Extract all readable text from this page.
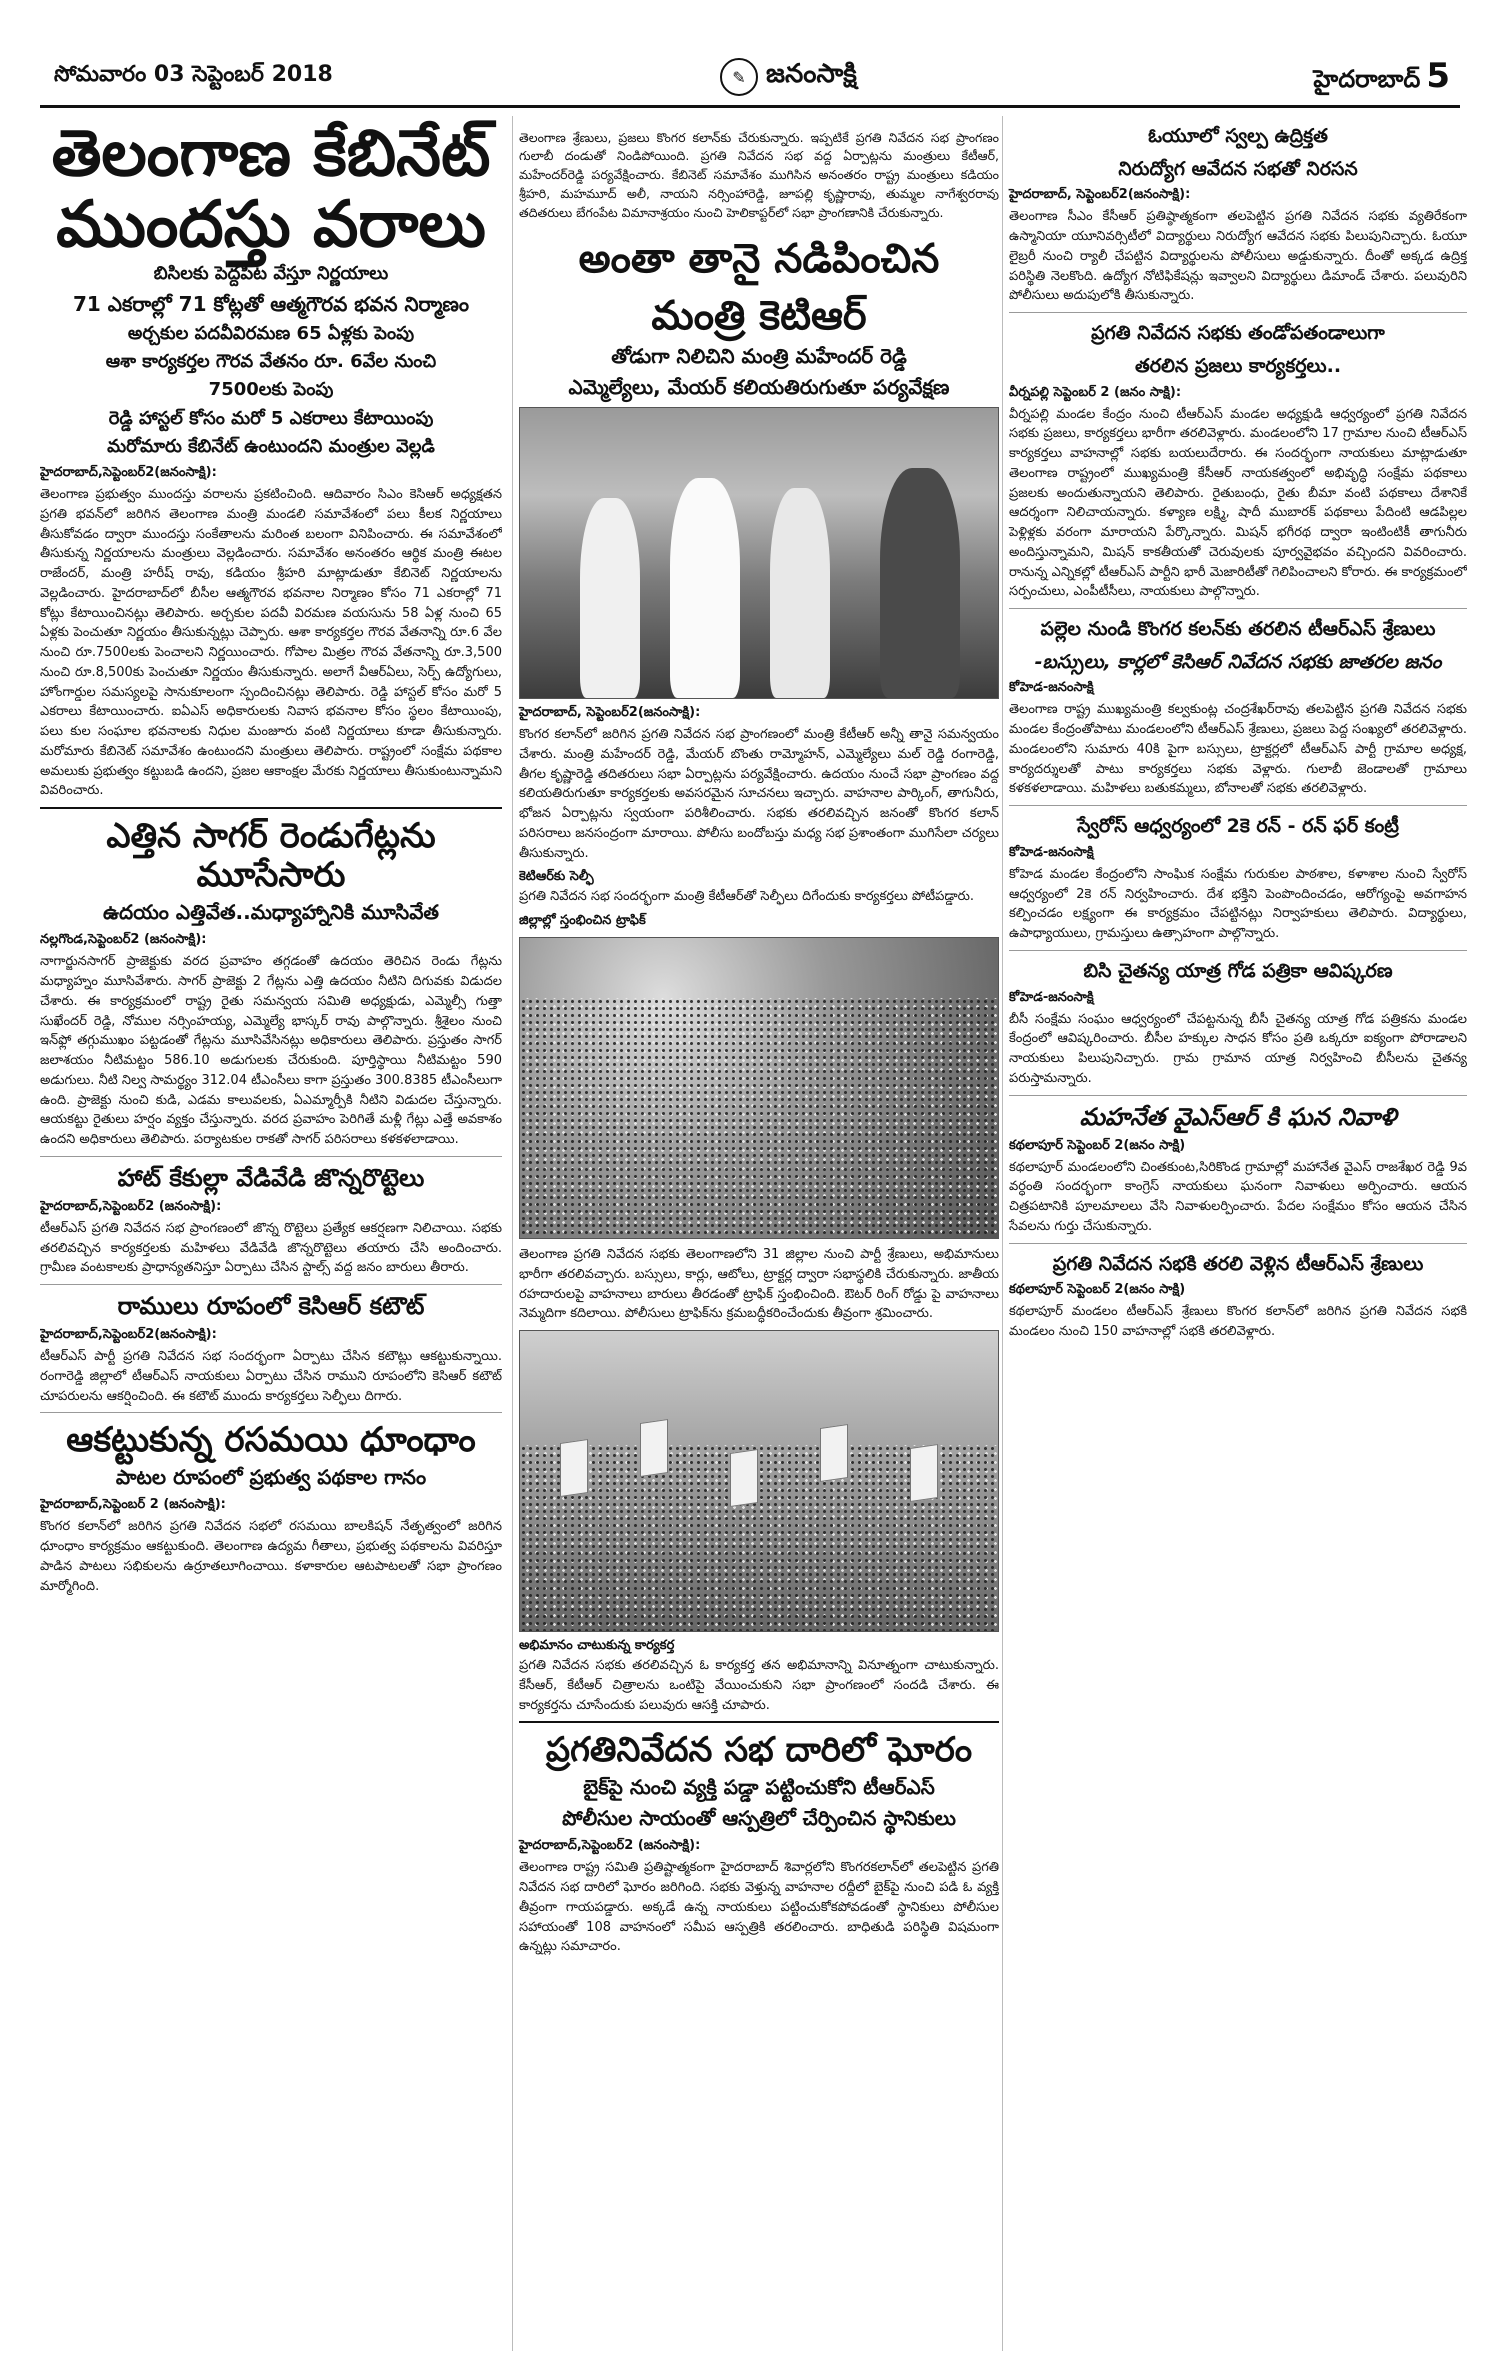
సోమవారం 03 సెప్టెంబర్ 2018	✎ జనంసాక్షి	హైదరాబాద్ 5
తెలంగాణ కేబినేట్
ముందస్తు వరాలు
బిసిలకు పెద్దపీట వేస్తూ నిర్ణయాలు
71 ఎకరాల్లో 71 కోట్లతో ఆత్మగౌరవ భవన నిర్మాణం
అర్చకుల పదవీవిరమణ 65 ఏళ్లకు పెంపు
ఆశా కార్యకర్తల గౌరవ వేతనం రూ. 6వేల నుంచి
7500లకు పెంపు
రెడ్డి హాస్టల్ కోసం మరో 5 ఎకరాలు కేటాయింపు
మరోమారు కేబినేట్ ఉంటుందని మంత్రుల వెల్లడి
హైదరాబాద్,సెప్టెంబర్2(జనంసాక్షి):

తెలంగాణ ప్రభుత్వం ముందస్తు వరాలను ప్రకటించింది. ఆదివారం సిఎం కెసిఆర్ అధ్యక్షతన ప్రగతి భవన్‌లో జరిగిన తెలంగాణ మంత్రి మండలి సమావేశంలో పలు కీలక నిర్ణయాలు తీసుకోవడం ద్వారా ముందస్తు సంకేతాలను మరింత బలంగా వినిపించారు. ఈ సమావేశంలో తీసుకున్న నిర్ణయాలను మంత్రులు వెల్లడించారు. సమావేశం అనంతరం ఆర్థిక మంత్రి ఈటల రాజేందర్, మంత్రి హరీష్ రావు, కడియం శ్రీహరి మాట్లాడుతూ కేబినెట్ నిర్ణయాలను వెల్లడించారు. హైదరాబాద్‌లో బీసీల ఆత్మగౌరవ భవనాల నిర్మాణం కోసం 71 ఎకరాల్లో 71 కోట్లు కేటాయించినట్లు తెలిపారు. అర్చకుల పదవీ విరమణ వయసును 58 ఏళ్ల నుంచి 65 ఏళ్లకు పెంచుతూ నిర్ణయం తీసుకున్నట్లు చెప్పారు. ఆశా కార్యకర్తల గౌరవ వేతనాన్ని రూ.6 వేల నుంచి రూ.7500లకు పెంచాలని నిర్ణయించారు. గోపాల మిత్రల గౌరవ వేతనాన్ని రూ.3,500 నుంచి రూ.8,500కు పెంచుతూ నిర్ణయం తీసుకున్నారు. అలాగే వీఆర్‌ఏలు, సెర్ప్ ఉద్యోగులు, హోంగార్డుల సమస్యలపై సానుకూలంగా స్పందించినట్లు తెలిపారు. రెడ్డి హాస్టల్ కోసం మరో 5 ఎకరాలు కేటాయించారు. ఐఏఎస్ అధికారులకు నివాస భవనాల కోసం స్థలం కేటాయింపు, పలు కుల సంఘాల భవనాలకు నిధుల మంజూరు వంటి నిర్ణయాలు కూడా తీసుకున్నారు. మరోమారు కేబినెట్ సమావేశం ఉంటుందని మంత్రులు తెలిపారు. రాష్ట్రంలో సంక్షేమ పథకాల అమలుకు ప్రభుత్వం కట్టుబడి ఉందని, ప్రజల ఆకాంక్షల మేరకు నిర్ణయాలు తీసుకుంటున్నామని వివరించారు.

ఎత్తిన సాగర్ రెండుగేట్లను మూసేసారు
ఉదయం ఎత్తివేత..మధ్యాహ్నానికి మూసివేత
నల్లగొండ,సెప్టెంబర్2 (జనంసాక్షి):

నాగార్జునసాగర్ ప్రాజెక్టుకు వరద ప్రవాహం తగ్గడంతో ఉదయం తెరిచిన రెండు గేట్లను మధ్యాహ్నం మూసివేశారు. సాగర్ ప్రాజెక్టు 2 గేట్లను ఎత్తి ఉదయం నీటిని దిగువకు విడుదల చేశారు. ఈ కార్యక్రమంలో రాష్ట్ర రైతు సమన్వయ సమితి అధ్యక్షుడు, ఎమ్మెల్సీ గుత్తా సుఖేందర్ రెడ్డి, నోముల నర్సింహయ్య, ఎమ్మెల్యే భాస్కర్ రావు పాల్గొన్నారు. శ్రీశైలం నుంచి ఇన్‌ఫ్లో తగ్గుముఖం పట్టడంతో గేట్లను మూసివేసినట్లు అధికారులు తెలిపారు. ప్రస్తుతం సాగర్ జలాశయం నీటిమట్టం 586.10 అడుగులకు చేరుకుంది. పూర్తిస్థాయి నీటిమట్టం 590 అడుగులు. నీటి నిల్వ సామర్థ్యం 312.04 టీఎంసీలు కాగా ప్రస్తుతం 300.8385 టీఎంసీలుగా ఉంది. ప్రాజెక్టు నుంచి కుడి, ఎడమ కాలువలకు, ఏఎమ్మార్పీకి నీటిని విడుదల చేస్తున్నారు. ఆయకట్టు రైతులు హర్షం వ్యక్తం చేస్తున్నారు. వరద ప్రవాహం పెరిగితే మళ్లీ గేట్లు ఎత్తే అవకాశం ఉందని అధికారులు తెలిపారు. పర్యాటకుల రాకతో సాగర్ పరిసరాలు కళకళలాడాయి.

హాట్ కేకుల్లా వేడివేడి జొన్నరొట్టెలు
హైదరాబాద్,సెప్టెంబర్2 (జనంసాక్షి):

టీఆర్ఎస్ ప్రగతి నివేదన సభ ప్రాంగణంలో జొన్న రొట్టెలు ప్రత్యేక ఆకర్షణగా నిలిచాయి. సభకు తరలివచ్చిన కార్యకర్తలకు మహిళలు వేడివేడి జొన్నరొట్టెలు తయారు చేసి అందించారు. గ్రామీణ వంటకాలకు ప్రాధాన్యతనిస్తూ ఏర్పాటు చేసిన స్టాల్స్ వద్ద జనం బారులు తీరారు.

రాములు రూపంలో కెసిఆర్ కటౌట్
హైదరాబాద్,సెప్టెంబర్2(జనంసాక్షి):

టీఆర్ఎస్ పార్టీ ప్రగతి నివేదన సభ సందర్భంగా ఏర్పాటు చేసిన కటౌట్లు ఆకట్టుకున్నాయి. రంగారెడ్డి జిల్లాలో టీఆర్ఎస్ నాయకులు ఏర్పాటు చేసిన రాముని రూపంలోని కెసిఆర్ కటౌట్ చూపరులను ఆకర్షించింది. ఈ కటౌట్ ముందు కార్యకర్తలు సెల్ఫీలు దిగారు.

ఆకట్టుకున్న రసమయి ధూంధాం
పాటల రూపంలో ప్రభుత్వ పథకాల గానం
హైదరాబాద్,సెప్టెంబర్ 2 (జనంసాక్షి):

కొంగర కలాన్‌లో జరిగిన ప్రగతి నివేదన సభలో రసమయి బాలకిషన్ నేతృత్వంలో జరిగిన ధూంధాం కార్యక్రమం ఆకట్టుకుంది. తెలంగాణ ఉద్యమ గీతాలు, ప్రభుత్వ పథకాలను వివరిస్తూ పాడిన పాటలు సభికులను ఉర్రూతలూగించాయి. కళాకారుల ఆటపాటలతో సభా ప్రాంగణం మార్మోగింది.

తెలంగాణ శ్రేణులు, ప్రజలు కొంగర కలాన్‌కు చేరుకున్నారు. ఇప్పటికే ప్రగతి నివేదన సభ ప్రాంగణం గులాబీ దండుతో నిండిపోయింది. ప్రగతి నివేదన సభ వద్ద ఏర్పాట్లను మంత్రులు కేటీఆర్, మహేందర్‌రెడ్డి పర్యవేక్షించారు. కేబినెట్ సమావేశం ముగిసిన అనంతరం రాష్ట్ర మంత్రులు కడియం శ్రీహరి, మహమూద్ అలీ, నాయని నర్సింహారెడ్డి, జూపల్లి కృష్ణారావు, తుమ్మల నాగేశ్వరరావు తదితరులు బేగంపేట విమానాశ్రయం నుంచి హెలికాప్టర్‌లో సభా ప్రాంగణానికి చేరుకున్నారు.

అంతా తానై నడిపించిన
మంత్రి కెటిఆర్
తోడుగా నిలిచిని మంత్రి మహేందర్ రెడ్డి
ఎమ్మెల్యేలు, మేయర్ కలియతిరుగుతూ పర్యవేక్షణ
హైదరాబాద్, సెప్టెంబర్2(జనంసాక్షి):

కొంగర కలాన్‌లో జరిగిన ప్రగతి నివేదన సభ ప్రాంగణంలో మంత్రి కేటీఆర్ అన్నీ తానై సమన్వయం చేశారు. మంత్రి మహేందర్ రెడ్డి, మేయర్ బొంతు రామ్మోహన్, ఎమ్మెల్యేలు మల్ రెడ్డి రంగారెడ్డి, తీగల కృష్ణారెడ్డి తదితరులు సభా ఏర్పాట్లను పర్యవేక్షించారు. ఉదయం నుంచే సభా ప్రాంగణం వద్ద కలియతిరుగుతూ కార్యకర్తలకు అవసరమైన సూచనలు ఇచ్చారు. వాహనాల పార్కింగ్, తాగునీరు, భోజన ఏర్పాట్లను స్వయంగా పరిశీలించారు. సభకు తరలివచ్చిన జనంతో కొంగర కలాన్ పరిసరాలు జనసంద్రంగా మారాయి. పోలీసు బందోబస్తు మధ్య సభ ప్రశాంతంగా ముగిసేలా చర్యలు తీసుకున్నారు.

కెటిఆర్‌కు సెల్ఫీ

ప్రగతి నివేదన సభ సందర్భంగా మంత్రి కేటీఆర్‌తో సెల్ఫీలు దిగేందుకు కార్యకర్తలు పోటీపడ్డారు.

జిల్లాల్లో స్తంభించిన ట్రాఫిక్

తెలంగాణ ప్రగతి నివేదన సభకు తెలంగాణలోని 31 జిల్లాల నుంచి పార్టీ శ్రేణులు, అభిమానులు భారీగా తరలివచ్చారు. బస్సులు, కార్లు, ఆటోలు, ట్రాక్టర్ల ద్వారా సభాస్థలికి చేరుకున్నారు. జాతీయ రహదారులపై వాహనాలు బారులు తీరడంతో ట్రాఫిక్ స్తంభించింది. ఔటర్ రింగ్ రోడ్డు పై వాహనాలు నెమ్మదిగా కదిలాయి. పోలీసులు ట్రాఫిక్‌ను క్రమబద్ధీకరించేందుకు తీవ్రంగా శ్రమించారు.

అభిమానం చాటుకున్న కార్యకర్త

ప్రగతి నివేదన సభకు తరలివచ్చిన ఓ కార్యకర్త తన అభిమానాన్ని వినూత్నంగా చాటుకున్నారు. కేసీఆర్, కేటీఆర్ చిత్రాలను ఒంటిపై వేయించుకుని సభా ప్రాంగణంలో సందడి చేశారు. ఈ కార్యకర్తను చూసేందుకు పలువురు ఆసక్తి చూపారు.

ప్రగతినివేదన సభ దారిలో ఘోరం
బైక్‌పై నుంచి వ్యక్తి పడ్డా పట్టించుకోని టీఆర్ఎస్
పోలీసుల సాయంతో ఆస్పత్రిలో చేర్పించిన స్థానికులు
హైదరాబాద్,సెప్టెంబర్2 (జనంసాక్షి):

తెలంగాణ రాష్ట్ర సమితి ప్రతిష్టాత్మకంగా హైదరాబాద్ శివార్లలోని కొంగరకలాన్‌లో తలపెట్టిన ప్రగతి నివేదన సభ దారిలో ఘోరం జరిగింది. సభకు వెళ్తున్న వాహనాల రద్దీలో బైక్‌పై నుంచి పడి ఓ వ్యక్తి తీవ్రంగా గాయపడ్డారు. అక్కడే ఉన్న నాయకులు పట్టించుకోకపోవడంతో స్థానికులు పోలీసుల సహాయంతో 108 వాహనంలో సమీప ఆస్పత్రికి తరలించారు. బాధితుడి పరిస్థితి విషమంగా ఉన్నట్లు సమాచారం.

ఓయూలో స్వల్ప ఉద్రిక్తత
నిరుద్యోగ ఆవేదన సభతో నిరసన
హైదరాబాద్, సెప్టెంబర్2(జనంసాక్షి):

తెలంగాణ సీఎం కేసీఆర్ ప్రతిష్ఠాత్మకంగా తలపెట్టిన ప్రగతి నివేదన సభకు వ్యతిరేకంగా ఉస్మానియా యూనివర్సిటీలో విద్యార్థులు నిరుద్యోగ ఆవేదన సభకు పిలుపునిచ్చారు. ఓయూ లైబ్రరీ నుంచి ర్యాలీ చేపట్టిన విద్యార్థులను పోలీసులు అడ్డుకున్నారు. దీంతో అక్కడ ఉద్రిక్త పరిస్థితి నెలకొంది. ఉద్యోగ నోటిఫికేషన్లు ఇవ్వాలని విద్యార్థులు డిమాండ్ చేశారు. పలువురిని పోలీసులు అదుపులోకి తీసుకున్నారు.

ప్రగతి నివేదన సభకు తండోపతండాలుగా
తరలిన ప్రజలు కార్యకర్తలు..
వీర్నపల్లి సెప్టెంబర్ 2 (జనం సాక్షి):

వీర్నపల్లి మండల కేంద్రం నుంచి టీఆర్ఎస్ మండల అధ్యక్షుడి ఆధ్వర్యంలో ప్రగతి నివేదన సభకు ప్రజలు, కార్యకర్తలు భారీగా తరలివెళ్లారు. మండలంలోని 17 గ్రామాల నుంచి టీఆర్ఎస్ కార్యకర్తలు వాహనాల్లో సభకు బయలుదేరారు. ఈ సందర్భంగా నాయకులు మాట్లాడుతూ తెలంగాణ రాష్ట్రంలో ముఖ్యమంత్రి కేసీఆర్ నాయకత్వంలో అభివృద్ధి సంక్షేమ పథకాలు ప్రజలకు అందుతున్నాయని తెలిపారు. రైతుబంధు, రైతు బీమా వంటి పథకాలు దేశానికే ఆదర్శంగా నిలిచాయన్నారు. కళ్యాణ లక్ష్మి, షాదీ ముబారక్ పథకాలు పేదింటి ఆడపిల్లల పెళ్లిళ్లకు వరంగా మారాయని పేర్కొన్నారు. మిషన్ భగీరథ ద్వారా ఇంటింటికీ తాగునీరు అందిస్తున్నామని, మిషన్ కాకతీయతో చెరువులకు పూర్వవైభవం వచ్చిందని వివరించారు. రానున్న ఎన్నికల్లో టీఆర్ఎస్ పార్టీని భారీ మెజారిటీతో గెలిపించాలని కోరారు. ఈ కార్యక్రమంలో సర్పంచులు, ఎంపీటీసీలు, నాయకులు పాల్గొన్నారు.

పల్లెల నుండి కొంగర కలన్‌కు తరలిన టీఆర్ఎస్ శ్రేణులు
-బస్సులు, కార్లలో కెసిఆర్ నివేదన సభకు జాతరల జనం
కోహెడ-జనంసాక్షి

తెలంగాణ రాష్ట్ర ముఖ్యమంత్రి కల్వకుంట్ల చంద్రశేఖర్‌రావు తలపెట్టిన ప్రగతి నివేదన సభకు మండల కేంద్రంతోపాటు మండలంలోని టీఆర్ఎస్ శ్రేణులు, ప్రజలు పెద్ద సంఖ్యలో తరలివెళ్లారు. మండలంలోని సుమారు 40కి పైగా బస్సులు, ట్రాక్టర్లలో టీఆర్ఎస్ పార్టీ గ్రామాల అధ్యక్ష, కార్యదర్శులతో పాటు కార్యకర్తలు సభకు వెళ్లారు. గులాబీ జెండాలతో గ్రామాలు కళకళలాడాయి. మహిళలు బతుకమ్మలు, బోనాలతో సభకు తరలివెళ్లారు.

స్వేరోస్ ఆధ్వర్యంలో 2కె రన్ - రన్ ఫర్ కంట్రీ
కోహెడ-జనంసాక్షి

కోహెడ మండల కేంద్రంలోని సాంఘిక సంక్షేమ గురుకుల పాఠశాల, కళాశాల నుంచి స్వేరోస్ ఆధ్వర్యంలో 2కె రన్ నిర్వహించారు. దేశ భక్తిని పెంపొందించడం, ఆరోగ్యంపై అవగాహన కల్పించడం లక్ష్యంగా ఈ కార్యక్రమం చేపట్టినట్లు నిర్వాహకులు తెలిపారు. విద్యార్థులు, ఉపాధ్యాయులు, గ్రామస్తులు ఉత్సాహంగా పాల్గొన్నారు.

బిసి చైతన్య యాత్ర గోడ పత్రికా ఆవిష్కరణ
కోహెడ-జనంసాక్షి

బీసీ సంక్షేమ సంఘం ఆధ్వర్యంలో చేపట్టనున్న బీసీ చైతన్య యాత్ర గోడ పత్రికను మండల కేంద్రంలో ఆవిష్కరించారు. బీసీల హక్కుల సాధన కోసం ప్రతి ఒక్కరూ ఐక్యంగా పోరాడాలని నాయకులు పిలుపునిచ్చారు. గ్రామ గ్రామాన యాత్ర నిర్వహించి బీసీలను చైతన్య పరుస్తామన్నారు.

మహనేత వైఎస్ఆర్ కి ఘన నివాళి
కథలాపూర్ సెప్టెంబర్ 2(జనం సాక్షి)

కథలాపూర్ మండలంలోని చింతకుంట,సిరికొండ గ్రామాల్లో మహానేత వైఎస్ రాజశేఖర రెడ్డి 9వ వర్ధంతి సందర్భంగా కాంగ్రెస్ నాయకులు ఘనంగా నివాళులు అర్పించారు. ఆయన చిత్రపటానికి పూలమాలలు వేసి నివాళులర్పించారు. పేదల సంక్షేమం కోసం ఆయన చేసిన సేవలను గుర్తు చేసుకున్నారు.

ప్రగతి నివేదన సభకి తరలి వెళ్లిన టీఆర్ఎస్ శ్రేణులు
కథలాపూర్ సెప్టెంబర్ 2(జనం సాక్షి)

కథలాపూర్ మండలం టీఆర్ఎస్ శ్రేణులు కొంగర కలాన్‌లో జరిగిన ప్రగతి నివేదన సభకి మండలం నుంచి 150 వాహనాల్లో సభకి తరలివెళ్లారు.
